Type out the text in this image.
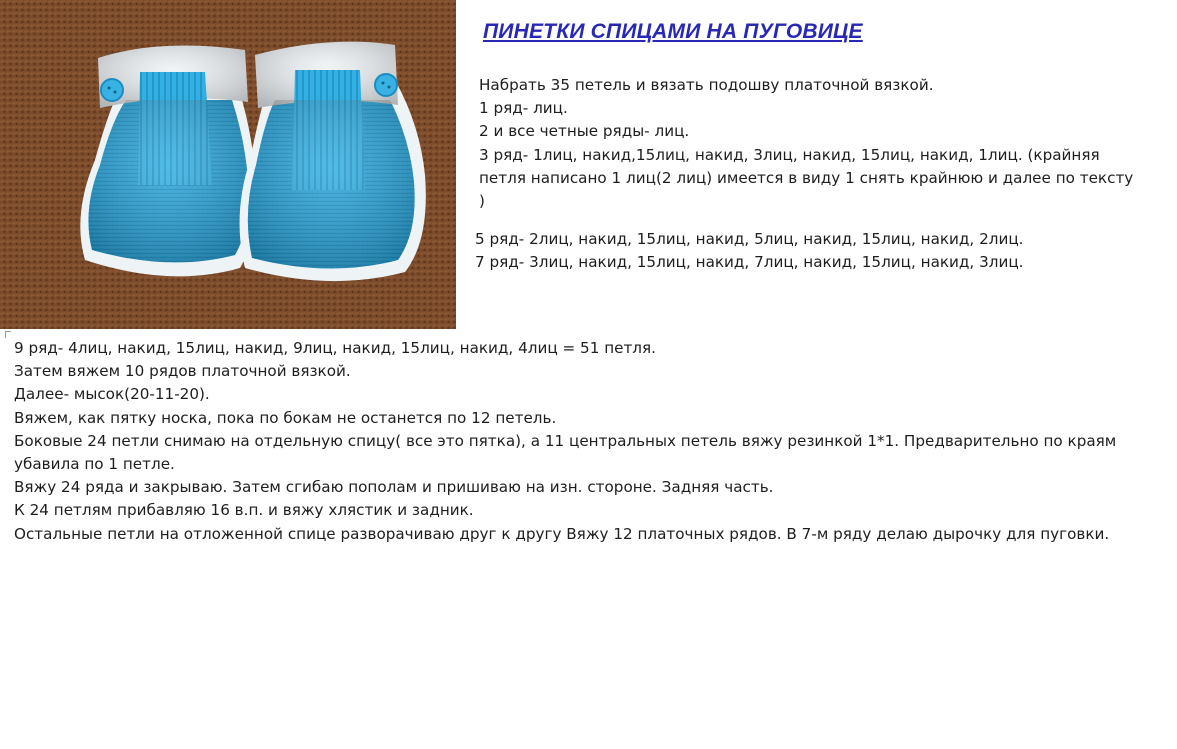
ПИНЕТКИ СПИЦАМИ НА ПУГОВИЦЕ

Набрать 35 петель и вязать подошву платочной вязкой.

1 ряд- лиц.

2 и все четные ряды- лиц.

3 ряд- 1лиц, накид,15лиц, накид, 3лиц, накид, 15лиц, накид, 1лиц. (крайняя петля написано 1 лиц(2 лиц) имеется в виду 1 снять крайнюю и далее по тексту )

5 ряд- 2лиц, накид, 15лиц, накид, 5лиц, накид, 15лиц, накид, 2лиц.

7 ряд- 3лиц, накид, 15лиц, накид, 7лиц, накид, 15лиц, накид, 3лиц.

9 ряд- 4лиц, накид, 15лиц, накид, 9лиц, накид, 15лиц, накид, 4лиц = 51 петля.

Затем вяжем 10 рядов платочной вязкой.

Далее- мысок(20-11-20).

Вяжем, как пятку носка, пока по бокам не останется по 12 петель.

Боковые 24 петли снимаю на отдельную спицу( все это пятка), а 11 центральных петель вяжу резинкой 1*1. Предварительно по краям убавила по 1 петле.

Вяжу 24 ряда и закрываю. Затем сгибаю пополам и пришиваю на изн. стороне. Задняя часть.

К 24 петлям прибавляю 16 в.п. и вяжу хлястик и задник.

Остальные петли на отложенной спице разворачиваю друг к другу Вяжу 12 платочных рядов. В 7-м ряду делаю дырочку для пуговки.
